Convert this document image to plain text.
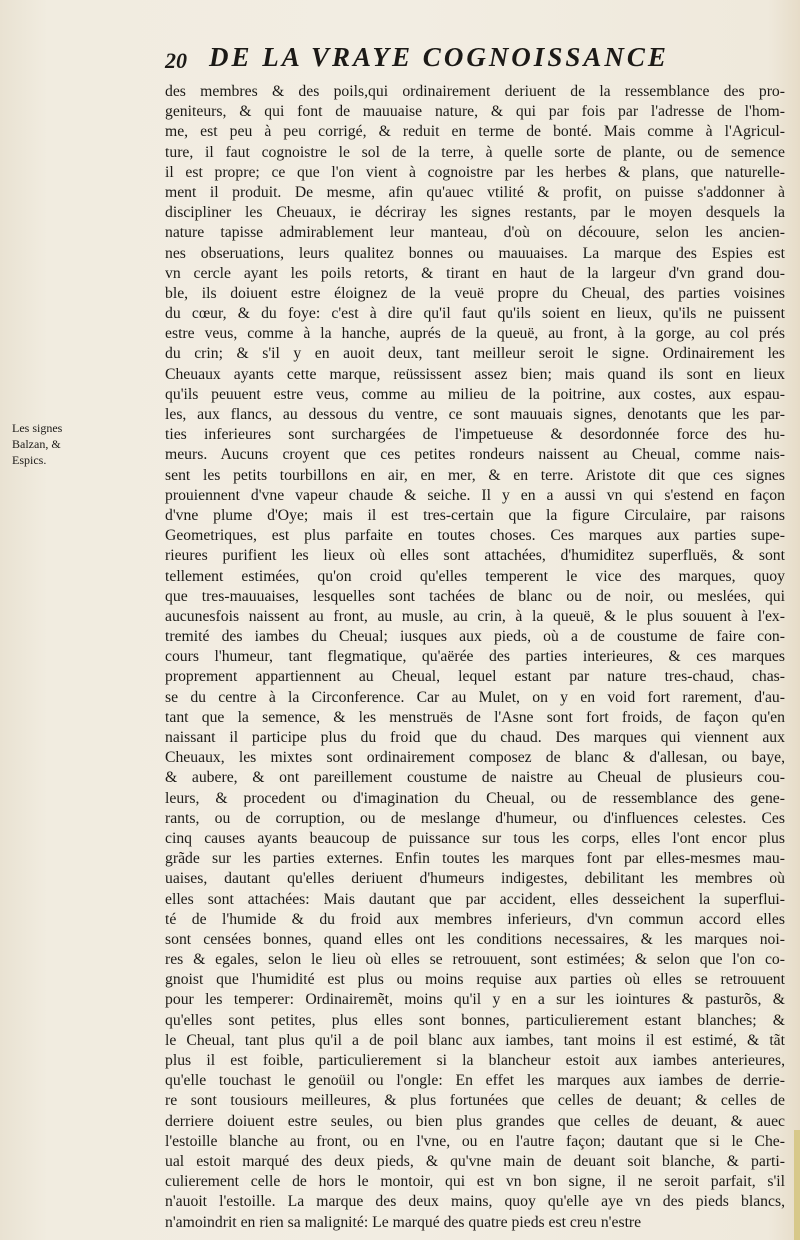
20 DE LA VRAYE COGNOISSANCE
Les signes
Balzan, &
Espics.
des membres & des poils,qui ordinairement deriuent de la ressemblance des pro-
geniteurs, & qui font de mauuaise nature, & qui par fois par l'adresse de l'hom-
me, est peu à peu corrigé, & reduit en terme de bonté. Mais comme à l'Agricul-
ture, il faut cognoistre le sol de la terre, à quelle sorte de plante, ou de semence
il est propre; ce que l'on vient à cognoistre par les herbes & plans, que naturelle-
ment il produit. De mesme, afin qu'auec vtilité & profit, on puisse s'addonner à
discipliner les Cheuaux, ie décriray les signes restants, par le moyen desquels la
nature tapisse admirablement leur manteau, d'où on découure, selon les ancien-
nes obseruations, leurs qualitez bonnes ou mauuaises. La marque des Espies est
vn cercle ayant les poils retorts, & tirant en haut de la largeur d'vn grand dou-
ble, ils doiuent estre éloignez de la veuë propre du Cheual, des parties voisines
du cœur, & du foye: c'est à dire qu'il faut qu'ils soient en lieux, qu'ils ne puissent
estre veus, comme à la hanche, auprés de la queuë, au front, à la gorge, au col prés
du crin; & s'il y en auoit deux, tant meilleur seroit le signe. Ordinairement les
Cheuaux ayants cette marque, reüssissent assez bien; mais quand ils sont en lieux
qu'ils peuuent estre veus, comme au milieu de la poitrine, aux costes, aux espau-
les, aux flancs, au dessous du ventre, ce sont mauuais signes, denotants que les par-
ties inferieures sont surchargées de l'impetueuse & desordonnée force des hu-
meurs. Aucuns croyent que ces petites rondeurs naissent au Cheual, comme nais-
sent les petits tourbillons en air, en mer, & en terre. Aristote dit que ces signes
prouiennent d'vne vapeur chaude & seiche. Il y en a aussi vn qui s'estend en façon
d'vne plume d'Oye; mais il est tres-certain que la figure Circulaire, par raisons
Geometriques, est plus parfaite en toutes choses. Ces marques aux parties supe-
rieures purifient les lieux où elles sont attachées, d'humiditez superfluës, & sont
tellement estimées, qu'on croid qu'elles temperent le vice des marques, quoy
que tres-mauuaises, lesquelles sont tachées de blanc ou de noir, ou meslées, qui
aucunesfois naissent au front, au musle, au crin, à la queuë, & le plus souuent à l'ex-
tremité des iambes du Cheual; iusques aux pieds, où a de coustume de faire con-
cours l'humeur, tant flegmatique, qu'aërée des parties interieures, & ces marques
proprement appartiennent au Cheual, lequel estant par nature tres-chaud, chas-
se du centre à la Circonference. Car au Mulet, on y en void fort rarement, d'au-
tant que la semence, & les menstruës de l'Asne sont fort froids, de façon qu'en
naissant il participe plus du froid que du chaud. Des marques qui viennent aux
Cheuaux, les mixtes sont ordinairement composez de blanc & d'allesan, ou baye,
& aubere, & ont pareillement coustume de naistre au Cheual de plusieurs cou-
leurs, & procedent ou d'imagination du Cheual, ou de ressemblance des gene-
rants, ou de corruption, ou de meslange d'humeur, ou d'influences celestes. Ces
cinq causes ayants beaucoup de puissance sur tous les corps, elles l'ont encor plus
grãde sur les parties externes. Enfin toutes les marques font par elles-mesmes mau-
uaises, dautant qu'elles deriuent d'humeurs indigestes, debilitant les membres où
elles sont attachées: Mais dautant que par accident, elles desseichent la superflui-
té de l'humide & du froid aux membres inferieurs, d'vn commun accord elles
sont censées bonnes, quand elles ont les conditions necessaires, & les marques noi-
res & egales, selon le lieu où elles se retrouuent, sont estimées; & selon que l'on co-
gnoist que l'humidité est plus ou moins requise aux parties où elles se retrouuent
pour les temperer: Ordinairemẽt, moins qu'il y en a sur les iointures & pasturõs, &
qu'elles sont petites, plus elles sont bonnes, particulierement estant blanches; &
le Cheual, tant plus qu'il a de poil blanc aux iambes, tant moins il est estimé, & tãt
plus il est foible, particulierement si la blancheur estoit aux iambes anterieures,
qu'elle touchast le genoüil ou l'ongle: En effet les marques aux iambes de derrie-
re sont tousiours meilleures, & plus fortunées que celles de deuant; & celles de
derriere doiuent estre seules, ou bien plus grandes que celles de deuant, & auec
l'estoille blanche au front, ou en l'vne, ou en l'autre façon; dautant que si le Che-
ual estoit marqué des deux pieds, & qu'vne main de deuant soit blanche, & parti-
culierement celle de hors le montoir, qui est vn bon signe, il ne seroit parfait, s'il
n'auoit l'estoille. La marque des deux mains, quoy qu'elle aye vn des pieds blancs,
n'amoindrit en rien sa malignité: Le marqué des quatre pieds est creu n'estre
